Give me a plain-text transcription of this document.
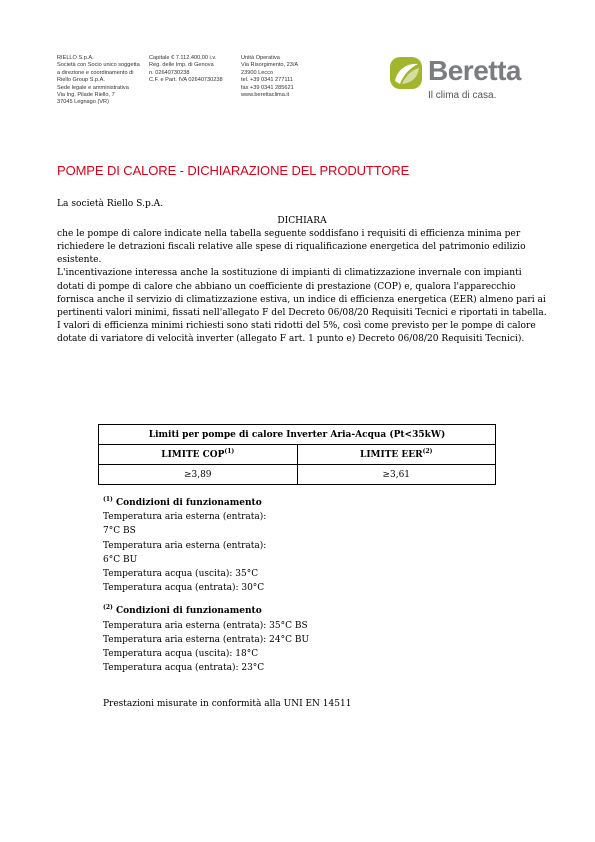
RIELLO S.p.A.
Società con Socio unico soggetta
a direzione e coordinamento di
Riello Group S.p.A.
Sede legale e amministrativa
Via Ing. Pilade Riello, 7
37045 Legnago (VR)
Capitale € 7.112.400,00 i.v.
Reg. delle Imp. di Genova
n. 02640730238
C.F. e Part. IVA 02640730238
Unità Operativa
Via Risorgimento, 23/A
23900 Lecco
tel. +39 0341 277111
fax +39 0341 285621
www.berettaclima.it
Beretta
Il clima di casa.
POMPE DI CALORE - DICHIARAZIONE DEL PRODUTTORE

La società Riello S.p.A.

DICHIARA

che le pompe di calore indicate nella tabella seguente soddisfano i requisiti di efficienza minima per richiedere le detrazioni fiscali relative alle spese di riqualificazione energetica del patrimonio edilizio esistente.

L'incentivazione interessa anche la sostituzione di impianti di climatizzazione invernale con impianti dotati di pompe di calore che abbiano un coefficiente di prestazione (COP) e, qualora l'apparecchio fornisca anche il servizio di climatizzazione estiva, un indice di efficienza energetica (EER) almeno pari ai pertinenti valori minimi, fissati nell'allegato F del Decreto 06/08/20 Requisiti Tecnici e riportati in tabella.

I valori di efficienza minimi richiesti sono stati ridotti del 5%, così come previsto per le pompe di calore dotate di variatore di velocità inverter (allegato F art. 1 punto e) Decreto 06/08/20 Requisiti Tecnici).

Limiti per pompe di calore Inverter Aria-Acqua (Pt<35kW)	
LIMITE COP$^{(1)}$	LIMITE $EER^{(2)}$
≥3,89	≥3,61

$^{(1)}$ Condizioni di funzionamento

Temperatura aria esterna (entrata):

7°C BS

Temperatura aria esterna (entrata):

6°C BU

Temperatura acqua (uscita): 35°C

Temperatura acqua (entrata): 30°C

$^{(2)}$ Condizioni di funzionamento

Temperatura aria esterna (entrata): 35°C BS

Temperatura aria esterna (entrata): 24°C BU

Temperatura acqua (uscita): 18°C

Temperatura acqua (entrata): 23°C

Prestazioni misurate in conformità alla UNI EN 14511
